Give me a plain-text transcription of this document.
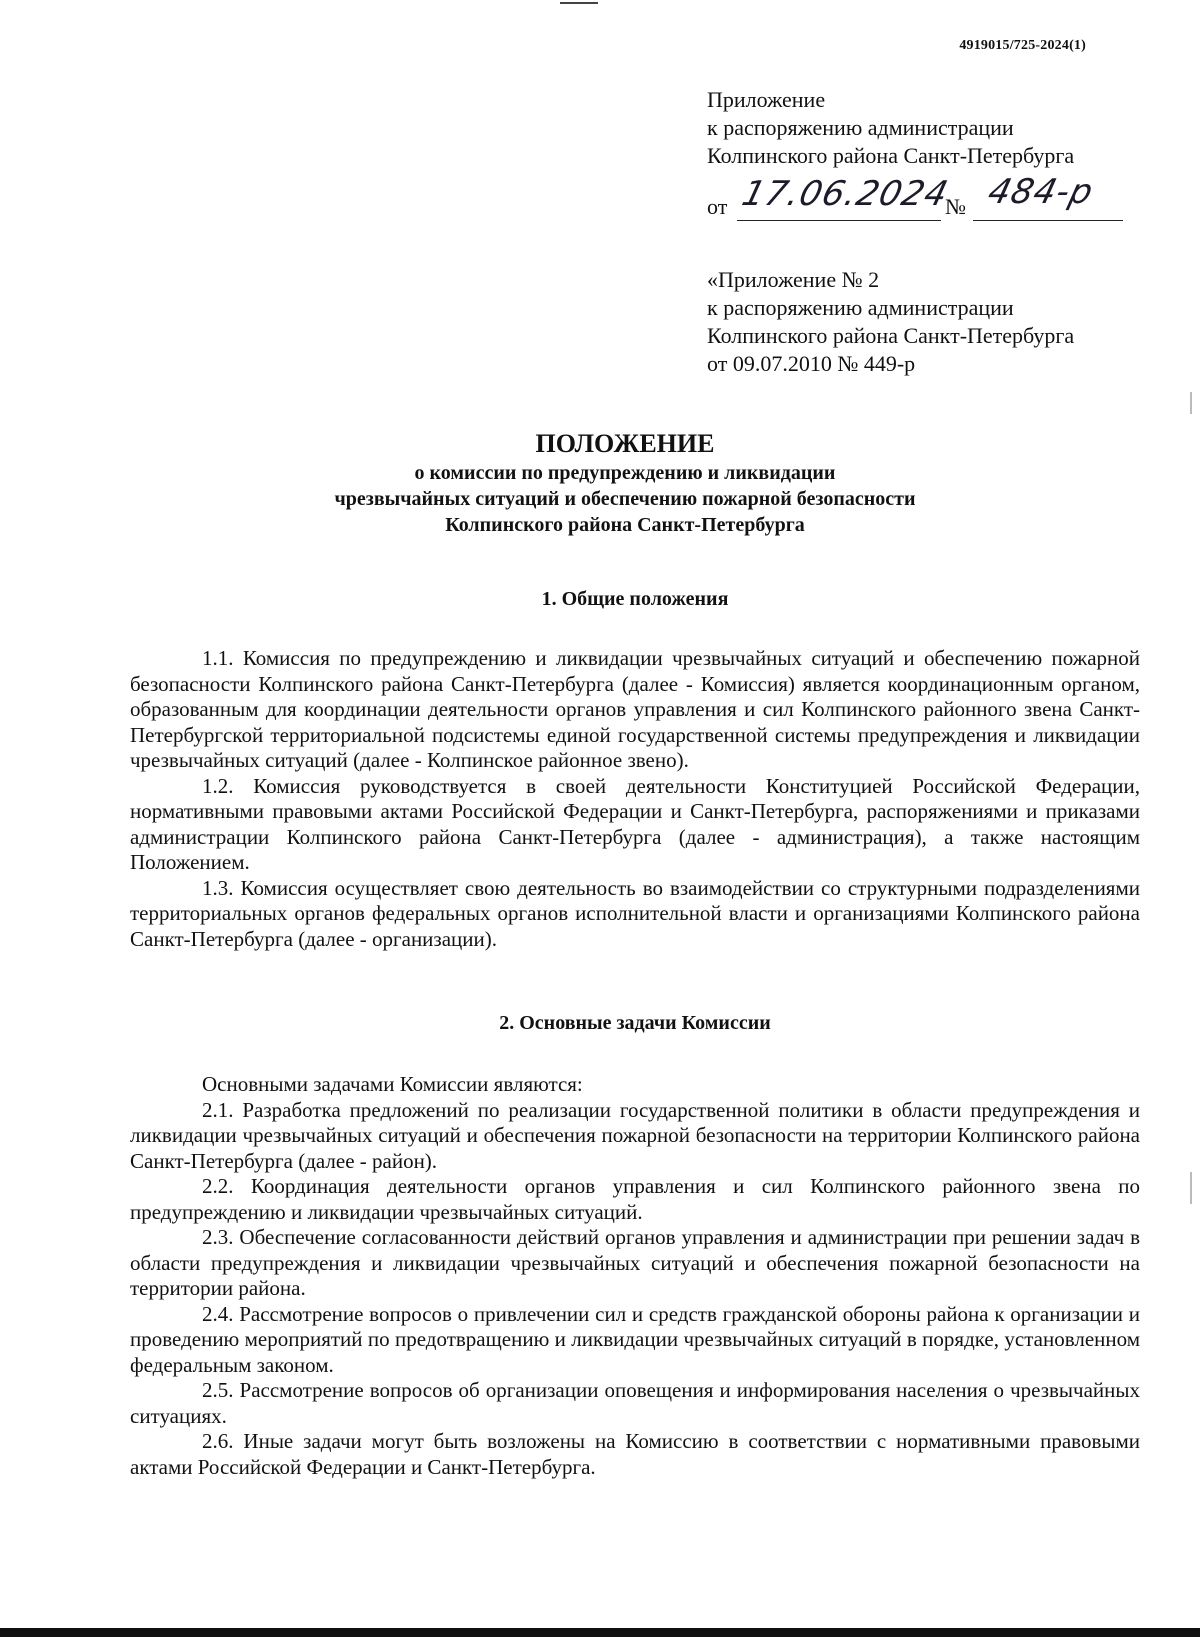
4919015/725-2024(1)
Приложение
к распоряжению администрации
Колпинского района Санкт-Петербурга
от 17.06.2024
№ 484-р
«Приложение № 2
к распоряжению администрации
Колпинского района Санкт-Петербурга
от 09.07.2010 № 449-р
ПОЛОЖЕНИЕ
о комиссии по предупреждению и ликвидации
чрезвычайных ситуаций и обеспечению пожарной безопасности
Колпинского района Санкт-Петербурга
1. Общие положения

1.1. Комиссия по предупреждению и ликвидации чрезвычайных ситуаций и обеспечению пожарной безопасности Колпинского района Санкт-Петербурга (далее - Комиссия) является координационным органом, образованным для координации деятельности органов управления и сил Колпинского районного звена Санкт-Петербургской территориальной подсистемы единой государственной системы предупреждения и ликвидации чрезвычайных ситуаций (далее - Колпинское районное звено).

1.2. Комиссия руководствуется в своей деятельности Конституцией Российской Федерации, нормативными правовыми актами Российской Федерации и Санкт-Петербурга, распоряжениями и приказами администрации Колпинского района Санкт-Петербурга (далее - администрация), а также настоящим Положением.

1.3. Комиссия осуществляет свою деятельность во взаимодействии со структурными подразделениями территориальных органов федеральных органов исполнительной власти и организациями Колпинского района Санкт-Петербурга (далее - организации).

2. Основные задачи Комиссии

Основными задачами Комиссии являются:

2.1. Разработка предложений по реализации государственной политики в области предупреждения и ликвидации чрезвычайных ситуаций и обеспечения пожарной безопасности на территории Колпинского района Санкт-Петербурга (далее - район).

2.2. Координация деятельности органов управления и сил Колпинского районного звена по предупреждению и ликвидации чрезвычайных ситуаций.

2.3. Обеспечение согласованности действий органов управления и администрации при решении задач в области предупреждения и ликвидации чрезвычайных ситуаций и обеспечения пожарной безопасности на территории района.

2.4. Рассмотрение вопросов о привлечении сил и средств гражданской обороны района к организации и проведению мероприятий по предотвращению и ликвидации чрезвычайных ситуаций в порядке, установленном федеральным законом.

2.5. Рассмотрение вопросов об организации оповещения и информирования населения о чрезвычайных ситуациях.

2.6. Иные задачи могут быть возложены на Комиссию в соответствии с нормативными правовыми актами Российской Федерации и Санкт-Петербурга.
